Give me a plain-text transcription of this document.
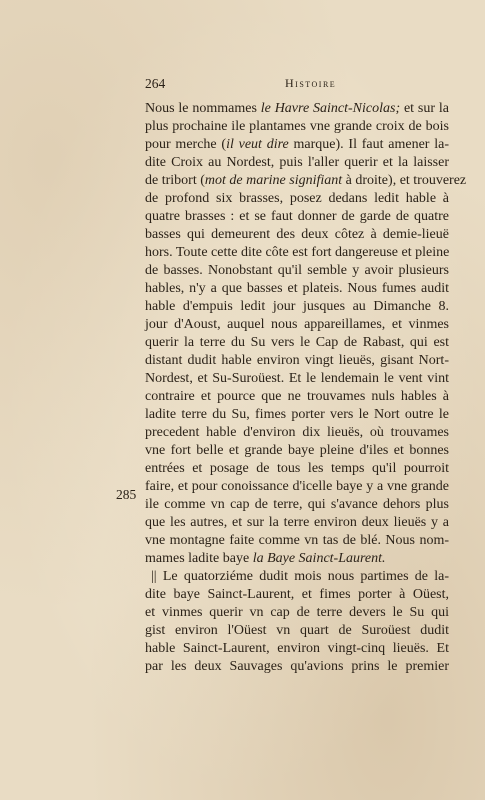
264	Histoire
285
Nous le nommames le Havre Sainct-Nicolas; et sur la
plus prochaine ile plantames vne grande croix de bois
pour merche (il veut dire marque). Il faut amener la-
dite Croix au Nordest, puis l'aller querir et la laisser
de tribort (mot de marine signifiant à droite), et trouverez
de profond six brasses, posez dedans ledit hable à
quatre brasses : et se faut donner de garde de quatre
basses qui demeurent des deux côtez à demie-lieuë
hors. Toute cette dite côte est fort dangereuse et pleine
de basses. Nonobstant qu'il semble y avoir plusieurs
hables, n'y a que basses et plateis. Nous fumes audit
hable d'empuis ledit jour jusques au Dimanche 8.
jour d'Aoust, auquel nous appareillames, et vinmes
querir la terre du Su vers le Cap de Rabast, qui est
distant dudit hable environ vingt lieuës, gisant Nort-
Nordest, et Su-Suroüest. Et le lendemain le vent vint
contraire et pource que ne trouvames nuls hables à
ladite terre du Su, fimes porter vers le Nort outre le
precedent hable d'environ dix lieuës, où trouvames
vne fort belle et grande baye pleine d'iles et bonnes
entrées et posage de tous les temps qu'il pourroit
faire, et pour conoissance d'icelle baye y a vne grande
ile comme vn cap de terre, qui s'avance dehors plus
que les autres, et sur la terre environ deux lieuës y a
vne montagne faite comme vn tas de blé. Nous nom-
mames ladite baye la Baye Sainct-Laurent.
|| Le quatorziéme dudit mois nous partimes de la-
dite baye Sainct-Laurent, et fimes porter à Oüest,
et vinmes querir vn cap de terre devers le Su qui
gist environ l'Oüest vn quart de Suroüest dudit
hable Sainct-Laurent, environ vingt-cinq lieuës. Et
par les deux Sauvages qu'avions prins le premier
